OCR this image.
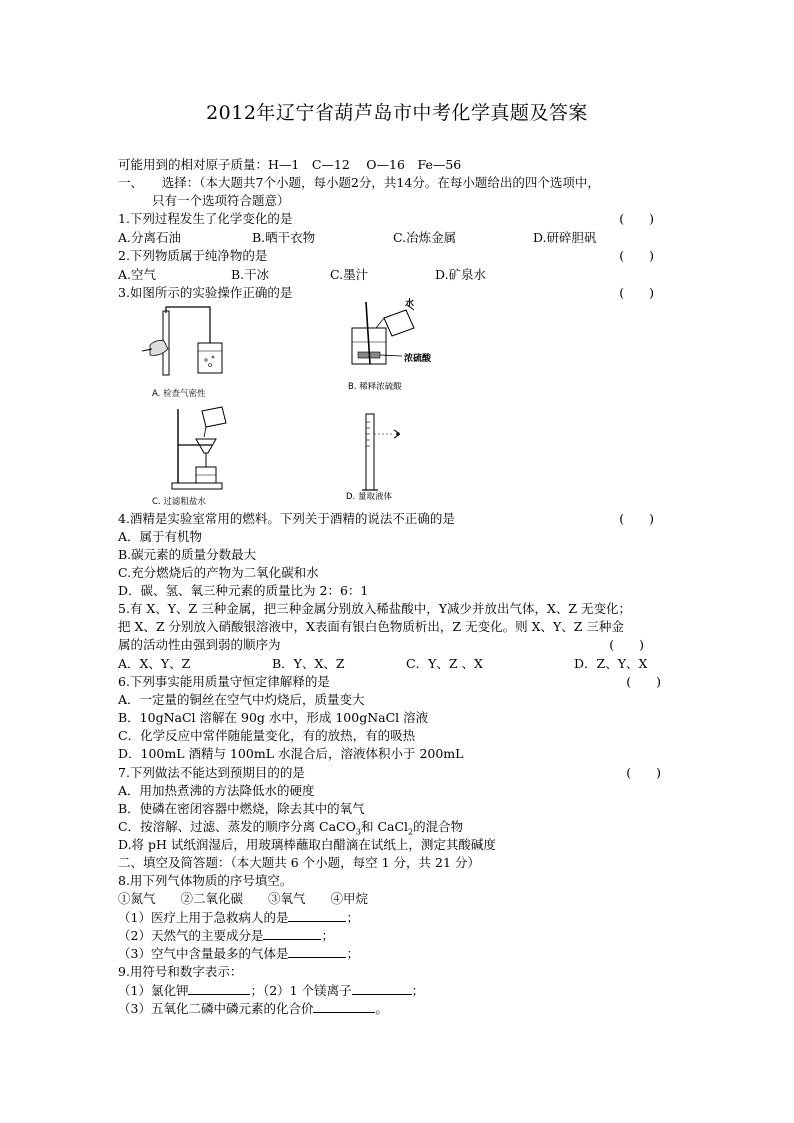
2012年辽宁省葫芦岛市中考化学真题及答案
可能用到的相对原子质量：H—1　C—12　 O—16　Fe—56
一、　　选择：（本大题共7个小题，每小题2分，共14分。在每小题给出的四个选项中，
只有一个选项符合题意）
1.下列过程发生了化学变化的是	(　　)
A.分离石油	B.晒干衣物	C.冶炼金属	D.研碎胆矾
2.下列物质属于纯净物的是	(　　)
A.空气	B.干冰	C.墨汁	D.矿泉水
3.如图所示的实验操作正确的是	(　　)
A. 检查气密性
水
浓硫酸
B. 稀释浓硫酸
C. 过滤粗盐水	D. 量取液体
4.酒精是实验室常用的燃料。下列关于酒精的说法不正确的是	(　　)
A．属于有机物
B.碳元素的质量分数最大
C.充分燃烧后的产物为二氧化碳和水
D．碳、氢、氧三种元素的质量比为 2：6：1
5.有 X、Y、Z 三种金属，把三种金属分别放入稀盐酸中，Y减少并放出气体，X、Z 无变化；
把 X、Z 分别放入硝酸银溶液中，X表面有银白色物质析出，Z 无变化。则 X、Y、Z 三种金
属的活动性由强到弱的顺序为	(　　)
A．X、Y、Z	B．Y、X、Z	C．Y、Z 、X	D．Z、Y、X
6.下列事实能用质量守恒定律解释的是	(　　)
A．一定量的铜丝在空气中灼烧后，质量变大
B．10gNaCl 溶解在 90g 水中，形成 100gNaCl 溶液
C．化学反应中常伴随能量变化，有的放热，有的吸热
D．100mL 酒精与 100mL 水混合后，溶液体积小于 200mL
7.下列做法不能达到预期目的的是	(　　)
A．用加热煮沸的方法降低水的硬度
B．使磷在密闭容器中燃烧，除去其中的氧气
C．按溶解、过滤、蒸发的顺序分离 CaCO$_3$和 CaCl$_2$的混合物
D.将 pH 试纸润湿后，用玻璃棒蘸取白醋滴在试纸上，测定其酸碱度
二、填空及简答题：（本大题共 6 个小题，每空 1 分，共 21 分）
8.用下列气体物质的序号填空。
①氮气　　②二氧化碳　　③氧气　　④甲烷
（1）医疗上用于急救病人的是	；
（2）天然气的主要成分是	；
（3）空气中含量最多的气体是	；
9.用符号和数字表示：
（1）氯化钾	；（2）1 个镁离子	；
（3）五氧化二磷中磷元素的化合价	。
